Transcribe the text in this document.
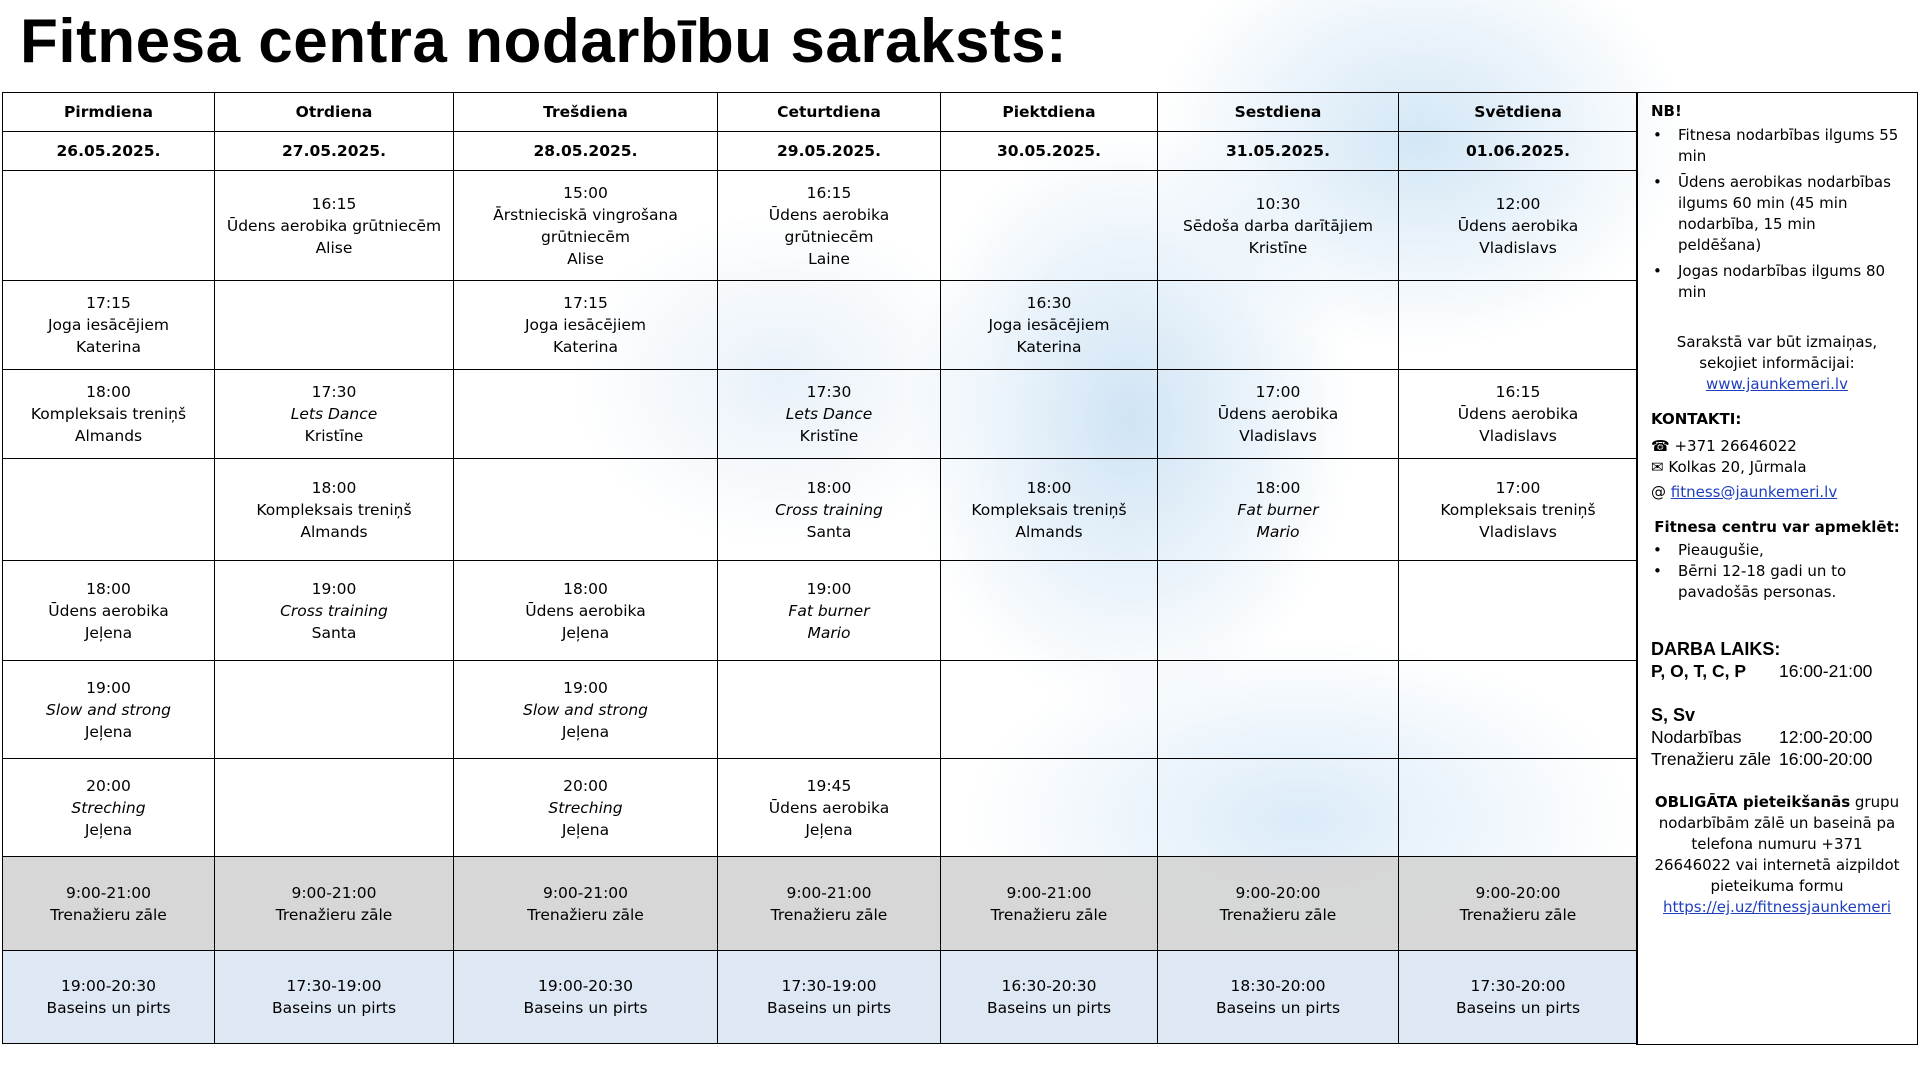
Fitnesa centra nodarbību saraksts:
Pirmdiena	Otrdiena	Trešdiena	Ceturtdiena	Piektdiena	Sestdiena	Svētdiena

26.05.2025.	27.05.2025.	28.05.2025.	29.05.2025.	30.05.2025.	31.05.2025.	01.06.2025.

	16:15
Ūdens aerobika grūtniecēm
Alise	15:00
Ārstnieciskā vingrošana grūtniecēm
Alise	16:15
Ūdens aerobika grūtniecēm
Laine		10:30
Sēdoša darba darītājiem
Kristīne	12:00
Ūdens aerobika
Vladislavs

17:15
Joga iesācējiem
Katerina		17:15
Joga iesācējiem
Katerina		16:30
Joga iesācējiem
Katerina		

18:00
Kompleksais treniņš
Almands	17:30
Lets Dance
Kristīne		17:30
Lets Dance
Kristīne		17:00
Ūdens aerobika
Vladislavs	16:15
Ūdens aerobika
Vladislavs

	18:00
Kompleksais treniņš
Almands		18:00
Cross training
Santa	18:00
Kompleksais treniņš
Almands	18:00
Fat burner
Mario	17:00
Kompleksais treniņš
Vladislavs

18:00
Ūdens aerobika
Jeļena	19:00
Cross training
Santa	18:00
Ūdens aerobika
Jeļena	19:00
Fat burner
Mario			

19:00
Slow and strong
Jeļena		19:00
Slow and strong
Jeļena				

20:00
Streching
Jeļena		20:00
Streching
Jeļena	19:45
Ūdens aerobika
Jeļena			

9:00-21:00
Trenažieru zāle	9:00-21:00
Trenažieru zāle	9:00-21:00
Trenažieru zāle	9:00-21:00
Trenažieru zāle	9:00-21:00
Trenažieru zāle	9:00-20:00
Trenažieru zāle	9:00-20:00
Trenažieru zāle

19:00-20:30
Baseins un pirts	17:30-19:00
Baseins un pirts	19:00-20:30
Baseins un pirts	17:30-19:00
Baseins un pirts	16:30-20:30
Baseins un pirts	18:30-20:00
Baseins un pirts	17:30-20:00
Baseins un pirts
NB!
• Fitnesa nodarbības ilgums 55 min
• Ūdens aerobikas nodarbības ilgums 60 min (45 min nodarbība, 15 min peldēšana)
• Jogas nodarbības ilgums 80 min
Sarakstā var būt izmaiņas, sekojiet informācijai: www.jaunkemeri.lv
KONTAKTI:
☎ +371 26646022
✉ Kolkas 20, Jūrmala
@ fitness@jaunkemeri.lv
Fitnesa centru var apmeklēt:
• Pieaugušie,
• Bērni 12-18 gadi un to pavadošās personas.
DARBA LAIKS:
P, O, T, C, P	16:00-21:00
S, Sv
Nodarbības	12:00-20:00
Trenažieru zāle 16:00-20:00
OBLIGĀTA pieteikšanās grupu nodarbībām zālē un baseinā pa telefona numuru +371 26646022 vai internetā aizpildot pieteikuma formu
https://ej.uz/fitnessjaunkemeri
